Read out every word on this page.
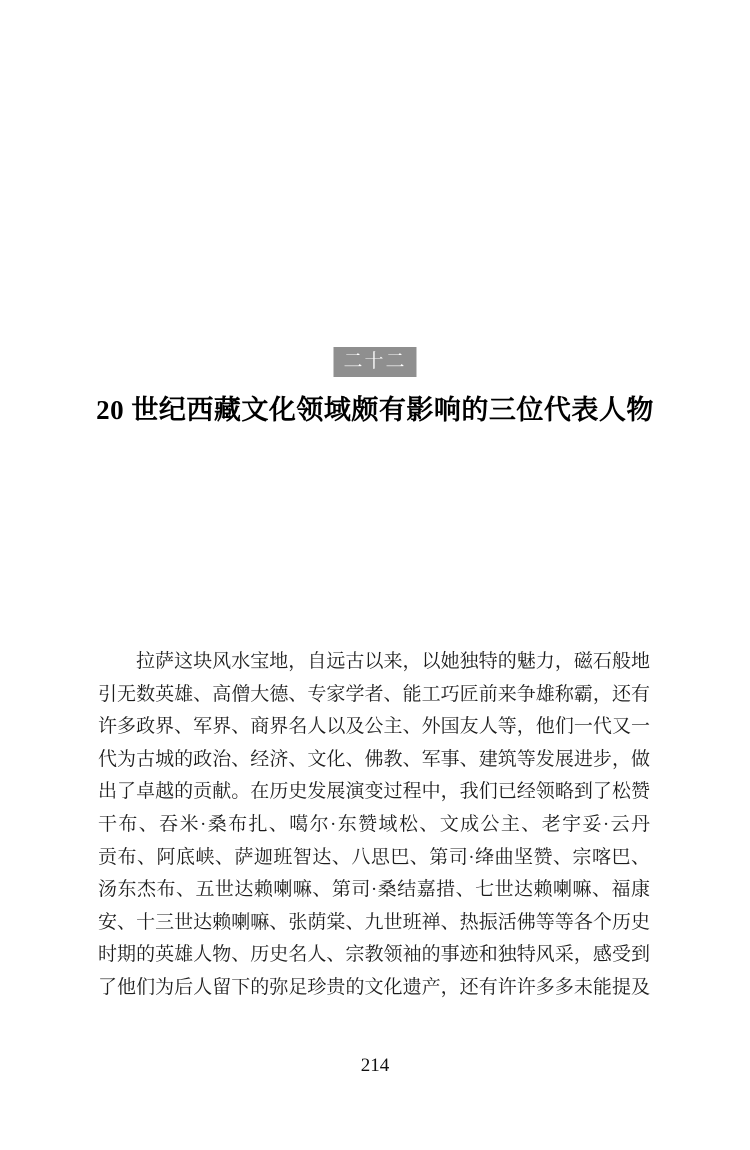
二十二
20 世纪西藏文化领域颇有影响的三位代表人物
拉萨这块风水宝地，自远古以来，以她独特的魅力，磁石般地
引无数英雄、高僧大德、专家学者、能工巧匠前来争雄称霸，还有
许多政界、军界、商界名人以及公主、外国友人等，他们一代又一
代为古城的政治、经济、文化、佛教、军事、建筑等发展进步，做
出了卓越的贡献。在历史发展演变过程中，我们已经领略到了松赞
干布、吞米·桑布扎、噶尔·东赞域松、文成公主、老宇妥·云丹
贡布、阿底峡、萨迦班智达、八思巴、第司·绛曲坚赞、宗喀巴、
汤东杰布、五世达赖喇嘛、第司·桑结嘉措、七世达赖喇嘛、福康
安、十三世达赖喇嘛、张荫棠、九世班禅、热振活佛等等各个历史
时期的英雄人物、历史名人、宗教领袖的事迹和独特风采，感受到
了他们为后人留下的弥足珍贵的文化遗产，还有许许多多未能提及
214
